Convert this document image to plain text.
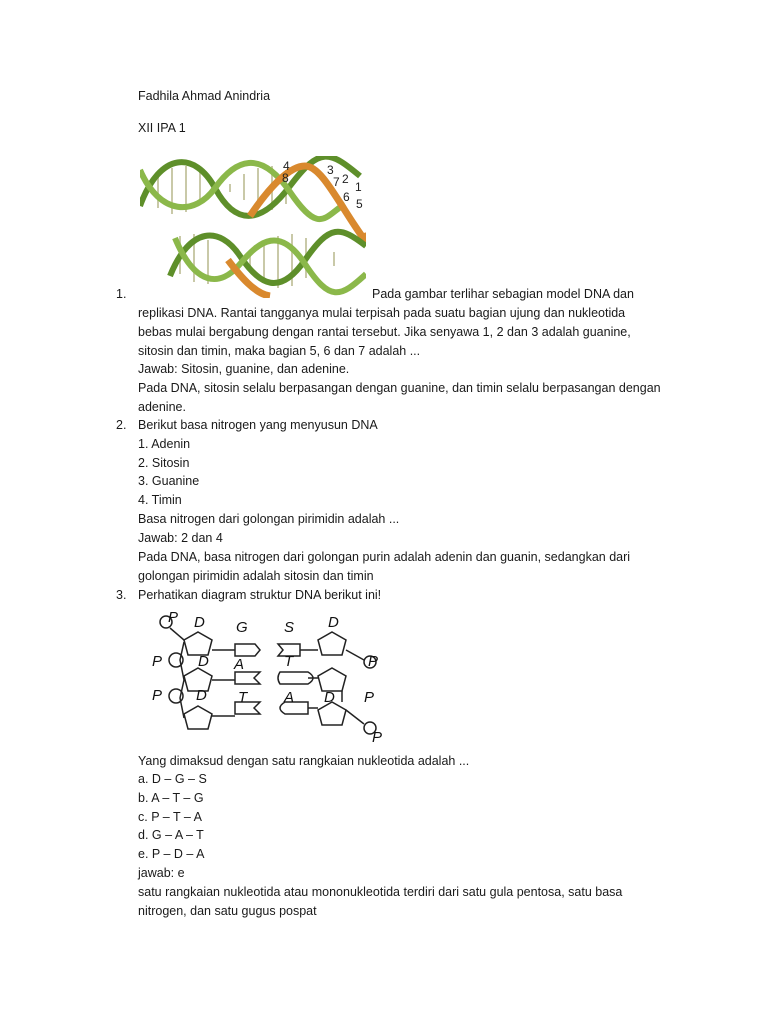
Fadhila Ahmad Anindria
XII IPA 1
4
8
3
7 2
1
6 5
1.	Pada gambar terlihar sebagian model DNA dan
replikasi DNA. Rantai tangganya mulai terpisah pada suatu bagian ujung dan nukleotida
bebas mulai bergabung dengan rantai tersebut. Jika senyawa 1, 2 dan 3 adalah guanine,
sitosin dan timin, maka bagian 5, 6 dan 7 adalah ...
Jawab: Sitosin, guanine, dan adenine.
Pada DNA, sitosin selalu berpasangan dengan guanine, dan timin selalu berpasangan dengan
adenine.
2. Berikut basa nitrogen yang menyusun DNA
1. Adenin
2. Sitosin
3. Guanine
4. Timin
Basa nitrogen dari golongan pirimidin adalah ...
Jawab: 2 dan 4
Pada DNA, basa nitrogen dari golongan purin adalah adenin dan guanin, sedangkan dari
golongan pirimidin adalah sitosin dan timin
3. Perhatikan diagram struktur DNA berikut ini!
P D G S D
P D A	T	P
P D T A D P
P
Yang dimaksud dengan satu rangkaian nukleotida adalah ...
a. D – G – S
b. A – T – G
c. P – T – A
d. G – A – T
e. P – D – A
jawab: e
satu rangkaian nukleotida atau mononukleotida terdiri dari satu gula pentosa, satu basa
nitrogen, dan satu gugus pospat
